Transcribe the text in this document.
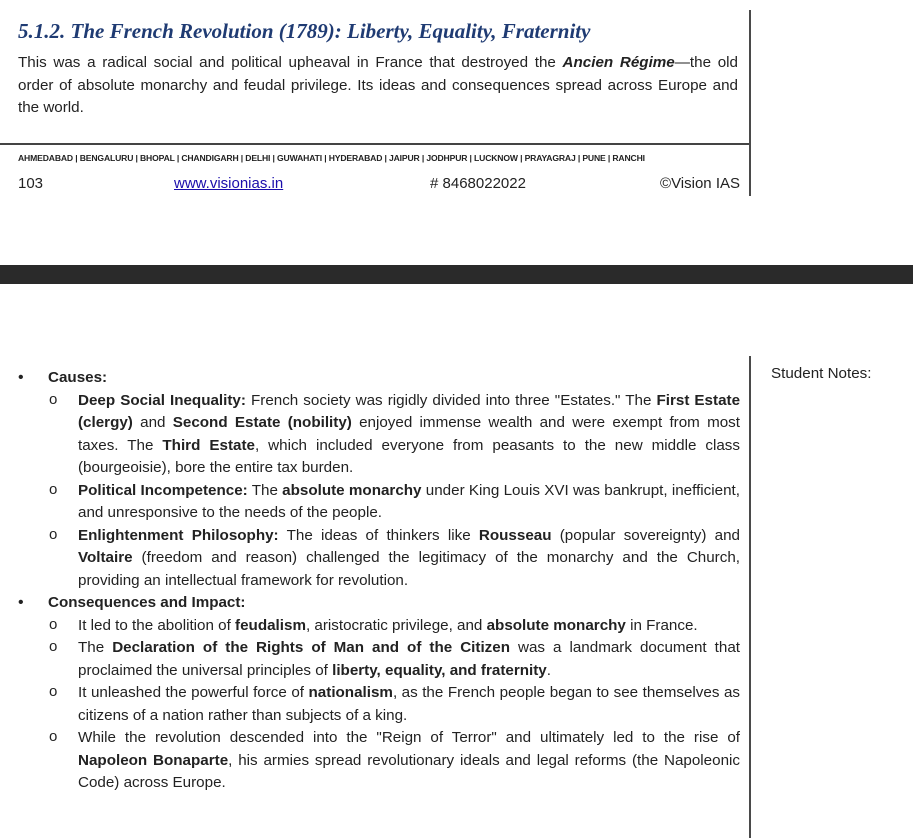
5.1.2. The French Revolution (1789): Liberty, Equality, Fraternity

This was a radical social and political upheaval in France that destroyed the Ancien Régime—the old order of absolute monarchy and feudal privilege. Its ideas and consequences spread across Europe and the world.

AHMEDABAD | BENGALURU | BHOPAL | CHANDIGARH | DELHI | GUWAHATI | HYDERABAD | JAIPUR | JODHPUR | LUCKNOW | PRAYAGRAJ | PUNE | RANCHI

103	www.visionias.in	# 8468022022	©Vision IAS

Student Notes:

• Causes:
o Deep Social Inequality: French society was rigidly divided into three "Estates." The First Estate (clergy) and Second Estate (nobility) enjoyed immense wealth and were exempt from most taxes. The Third Estate, which included everyone from peasants to the new middle class (bourgeoisie), bore the entire tax burden.
o Political Incompetence: The absolute monarchy under King Louis XVI was bankrupt, inefficient, and unresponsive to the needs of the people.
o Enlightenment Philosophy: The ideas of thinkers like Rousseau (popular sovereignty) and Voltaire (freedom and reason) challenged the legitimacy of the monarchy and the Church, providing an intellectual framework for revolution.
• Consequences and Impact:
o It led to the abolition of feudalism, aristocratic privilege, and absolute monarchy in France.
o The Declaration of the Rights of Man and of the Citizen was a landmark document that proclaimed the universal principles of liberty, equality, and fraternity.
o It unleashed the powerful force of nationalism, as the French people began to see themselves as citizens of a nation rather than subjects of a king.
o While the revolution descended into the "Reign of Terror" and ultimately led to the rise of Napoleon Bonaparte, his armies spread revolutionary ideals and legal reforms (the Napoleonic Code) across Europe.
